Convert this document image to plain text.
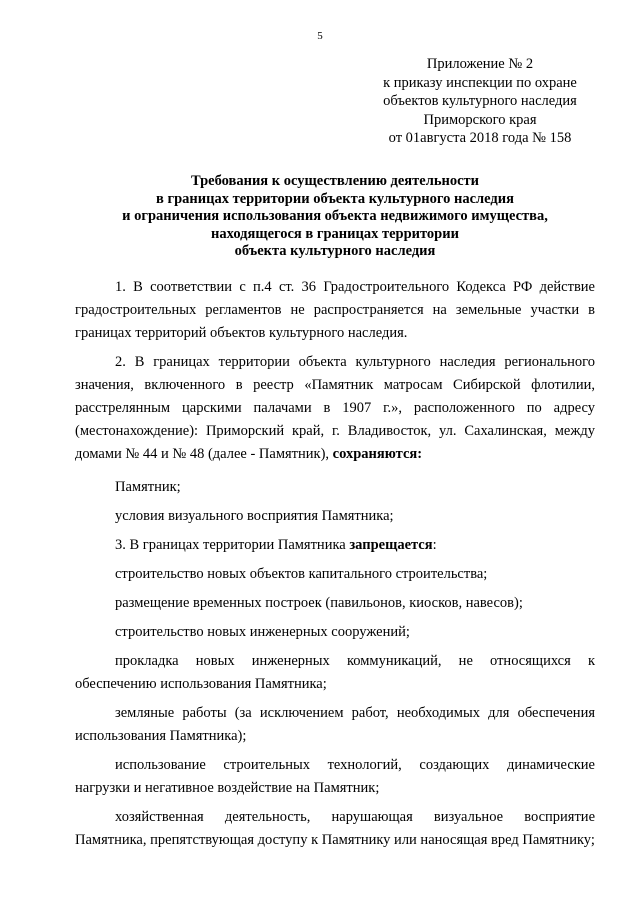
5
Приложение № 2
к приказу инспекции по охране
объектов культурного наследия
Приморского края
от 01августа 2018 года № 158
Требования к осуществлению деятельности
в границах территории объекта культурного наследия
и ограничения использования объекта недвижимого имущества,
находящегося в границах территории
объекта культурного наследия

1. В соответствии с п.4 ст. 36 Градостроительного Кодекса РФ действие градостроительных регламентов не распространяется на земельные участки в границах территорий объектов культурного наследия.

2. В границах территории объекта культурного наследия регионального значения, включенного в реестр «Памятник матросам Сибирской флотилии, расстрелянным царскими палачами в 1907 г.», расположенного по адресу (местонахождение): Приморский край, г. Владивосток, ул. Сахалинская, между домами № 44 и № 48 (далее - Памятник), сохраняются:

Памятник;

условия визуального восприятия Памятника;

3. В границах территории Памятника запрещается:

строительство новых объектов капитального строительства;

размещение временных построек (павильонов, киосков, навесов);

строительство новых инженерных сооружений;

прокладка новых инженерных коммуникаций, не относящихся к обеспечению использования Памятника;

земляные работы (за исключением работ, необходимых для обеспечения использования Памятника);

использование строительных технологий, создающих динамические нагрузки и негативное воздействие на Памятник;

хозяйственная деятельность, нарушающая визуальное восприятие Памятника, препятствующая доступу к Памятнику или наносящая вред Памятнику;
